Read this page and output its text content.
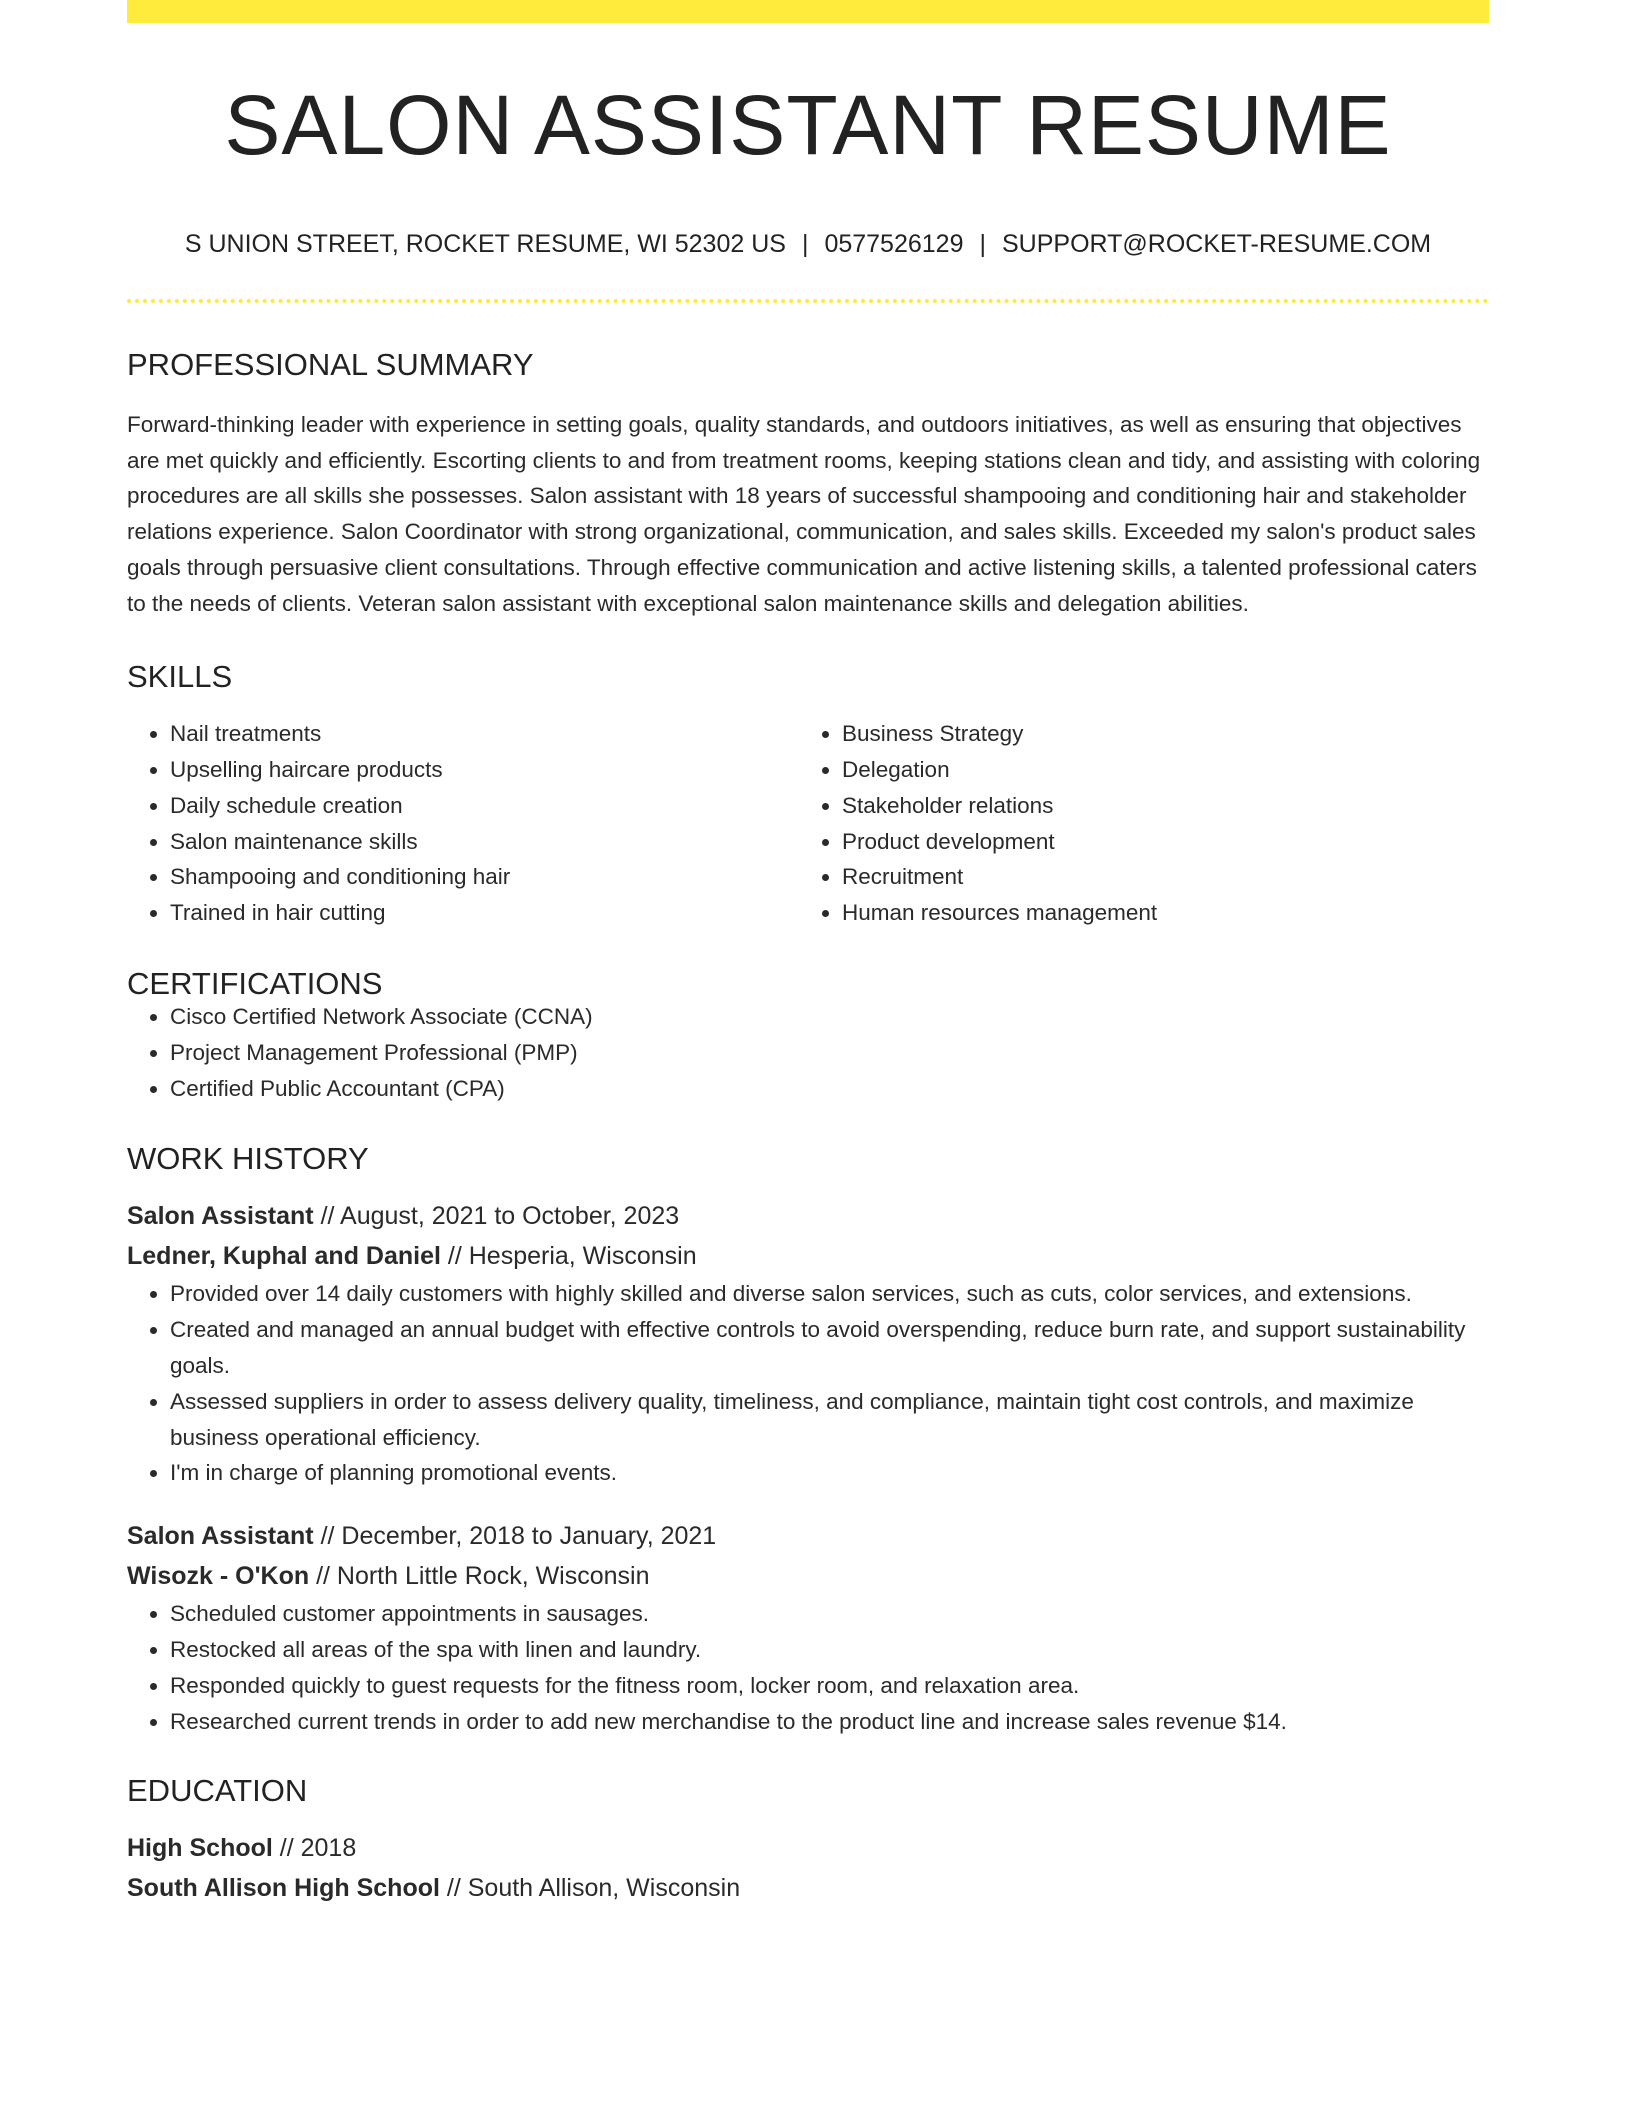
SALON ASSISTANT RESUME
S UNION STREET, ROCKET RESUME, WI 52302 US | 0577526129 | SUPPORT@ROCKET-RESUME.COM
PROFESSIONAL SUMMARY

Forward-thinking leader with experience in setting goals, quality standards, and outdoors initiatives, as well as ensuring that objectives are met quickly and efficiently. Escorting clients to and from treatment rooms, keeping stations clean and tidy, and assisting with coloring procedures are all skills she possesses. Salon assistant with 18 years of successful shampooing and conditioning hair and stakeholder relations experience. Salon Coordinator with strong organizational, communication, and sales skills. Exceeded my salon's product sales goals through persuasive client consultations. Through effective communication and active listening skills, a talented professional caters to the needs of clients. Veteran salon assistant with exceptional salon maintenance skills and delegation abilities.

SKILLS
• Nail treatments
• Upselling haircare products
• Daily schedule creation
• Salon maintenance skills
• Shampooing and conditioning hair
• Trained in hair cutting
• Business Strategy
• Delegation
• Stakeholder relations
• Product development
• Recruitment
• Human resources management
CERTIFICATIONS
• Cisco Certified Network Associate (CCNA)
• Project Management Professional (PMP)
• Certified Public Accountant (CPA)
WORK HISTORY
Salon Assistant // August, 2021 to October, 2023
Ledner, Kuphal and Daniel // Hesperia, Wisconsin
• Provided over 14 daily customers with highly skilled and diverse salon services, such as cuts, color services, and extensions.
• Created and managed an annual budget with effective controls to avoid overspending, reduce burn rate, and support sustainability goals.
• Assessed suppliers in order to assess delivery quality, timeliness, and compliance, maintain tight cost controls, and maximize business operational efficiency.
• I'm in charge of planning promotional events.
Salon Assistant // December, 2018 to January, 2021
Wisozk - O'Kon // North Little Rock, Wisconsin
• Scheduled customer appointments in sausages.
• Restocked all areas of the spa with linen and laundry.
• Responded quickly to guest requests for the fitness room, locker room, and relaxation area.
• Researched current trends in order to add new merchandise to the product line and increase sales revenue $14.
EDUCATION
High School // 2018
South Allison High School // South Allison, Wisconsin
